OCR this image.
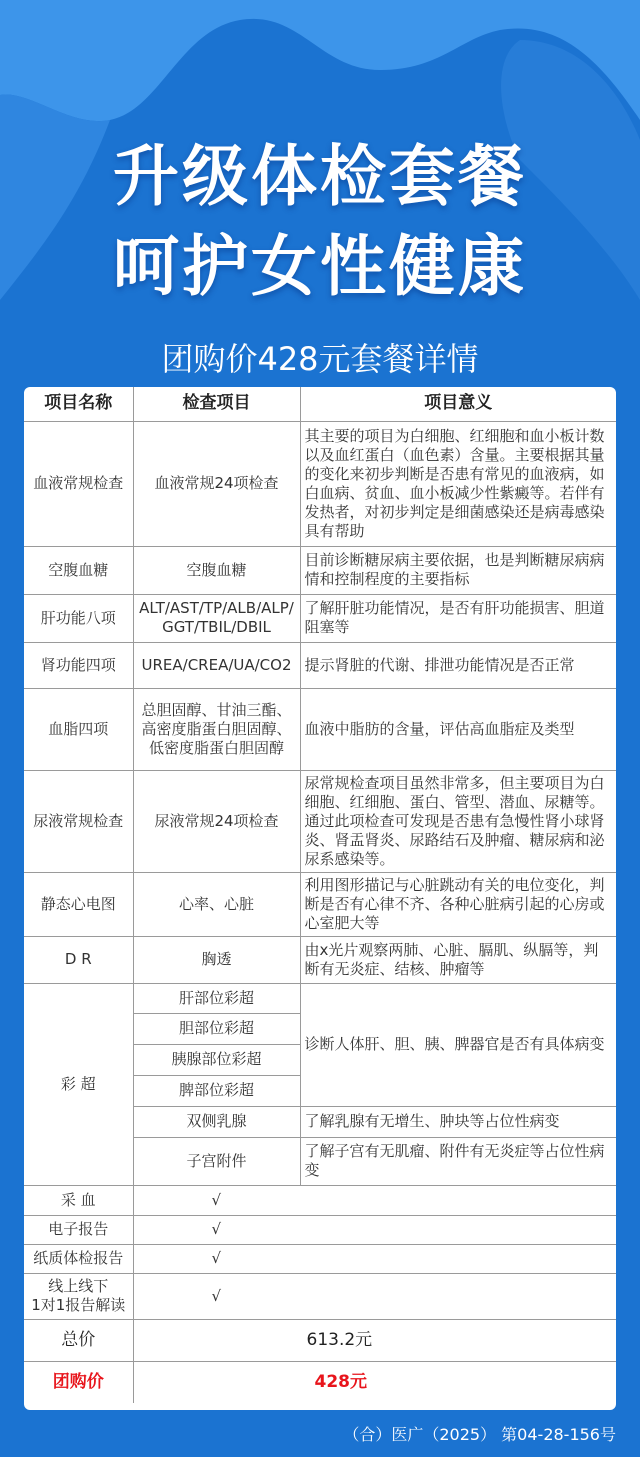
升级体检套餐
呵护女性健康
团购价428元套餐详情
项目名称	检查项目	项目意义
血液常规检查	血液常规24项检查	其主要的项目为白细胞、红细胞和血小板计数以及血红蛋白（血色素）含量。主要根据其量的变化来初步判断是否患有常见的血液病，如白血病、贫血、血小板减少性紫癜等。若伴有发热者，对初步判定是细菌感染还是病毒感染具有帮助
空腹血糖	空腹血糖	目前诊断糖尿病主要依据，也是判断糖尿病病情和控制程度的主要指标
肝功能八项	ALT/AST/TP/ALB/ALP/GGT/TBIL/DBIL	了解肝脏功能情况，是否有肝功能损害、胆道阻塞等
肾功能四项	UREA/CREA/UA/CO2	提示肾脏的代谢、排泄功能情况是否正常
血脂四项	总胆固醇、甘油三酯、高密度脂蛋白胆固醇、低密度脂蛋白胆固醇	血液中脂肪的含量，评估高血脂症及类型
尿液常规检查	尿液常规24项检查	尿常规检查项目虽然非常多，但主要项目为白细胞、红细胞、蛋白、管型、潜血、尿糖等。通过此项检查可发现是否患有急慢性肾小球肾炎、肾盂肾炎、尿路结石及肿瘤、糖尿病和泌尿系感染等。
静态心电图	心率、心脏	利用图形描记与心脏跳动有关的电位变化，判断是否有心律不齐、各种心脏病引起的心房或心室肥大等
D R	胸透	由x光片观察两肺、心脏、膈肌、纵膈等，判断有无炎症、结核、肿瘤等
彩 超	肝部位彩超	诊断人体肝、胆、胰、脾器官是否有具体病变
	胆部位彩超	
	胰腺部位彩超	
	脾部位彩超	
	双侧乳腺	了解乳腺有无增生、肿块等占位性病变
	子宫附件	了解子宫有无肌瘤、附件有无炎症等占位性病变
采 血	√	
电子报告	√	
纸质体检报告	√	
线上线下
1对1报告解读	√	
总价	613.2元	
团购价	428元	
（合）医广（2025） 第04-28-156号
